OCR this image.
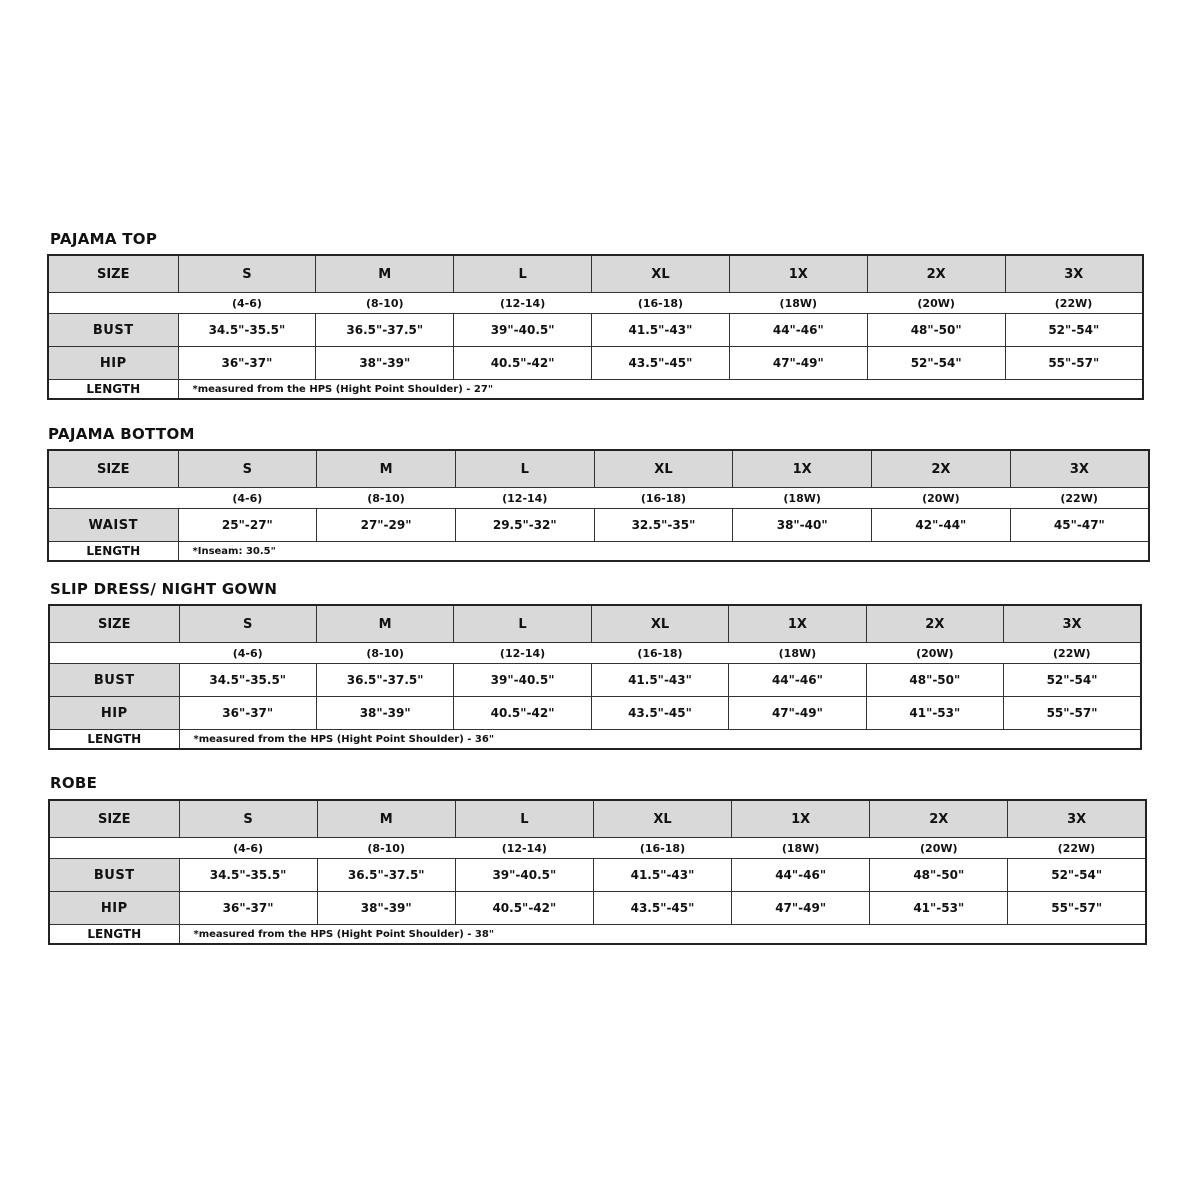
PAJAMA TOP
SIZE	S	M	L	XL	1X	2X	3X
	(4-6)	(8-10)	(12-14)	(16-18)	(18W)	(20W)	(22W)
BUST	34.5"-35.5"	36.5"-37.5"	39"-40.5"	41.5"-43"	44"-46"	48"-50"	52"-54"
HIP	36"-37"	38"-39"	40.5"-42"	43.5"-45"	47"-49"	52"-54"	55"-57"
LENGTH	*measured from the HPS (Hight Point Shoulder) - 27"						
PAJAMA BOTTOM
SIZE	S	M	L	XL	1X	2X	3X
	(4-6)	(8-10)	(12-14)	(16-18)	(18W)	(20W)	(22W)
WAIST	25"-27"	27"-29"	29.5"-32"	32.5"-35"	38"-40"	42"-44"	45"-47"
LENGTH	*Inseam: 30.5"						
SLIP DRESS/ NIGHT GOWN
SIZE	S	M	L	XL	1X	2X	3X
	(4-6)	(8-10)	(12-14)	(16-18)	(18W)	(20W)	(22W)
BUST	34.5"-35.5"	36.5"-37.5"	39"-40.5"	41.5"-43"	44"-46"	48"-50"	52"-54"
HIP	36"-37"	38"-39"	40.5"-42"	43.5"-45"	47"-49"	41"-53"	55"-57"
LENGTH	*measured from the HPS (Hight Point Shoulder) - 36"						
ROBE
SIZE	S	M	L	XL	1X	2X	3X
	(4-6)	(8-10)	(12-14)	(16-18)	(18W)	(20W)	(22W)
BUST	34.5"-35.5"	36.5"-37.5"	39"-40.5"	41.5"-43"	44"-46"	48"-50"	52"-54"
HIP	36"-37"	38"-39"	40.5"-42"	43.5"-45"	47"-49"	41"-53"	55"-57"
LENGTH	*measured from the HPS (Hight Point Shoulder) - 38"						
